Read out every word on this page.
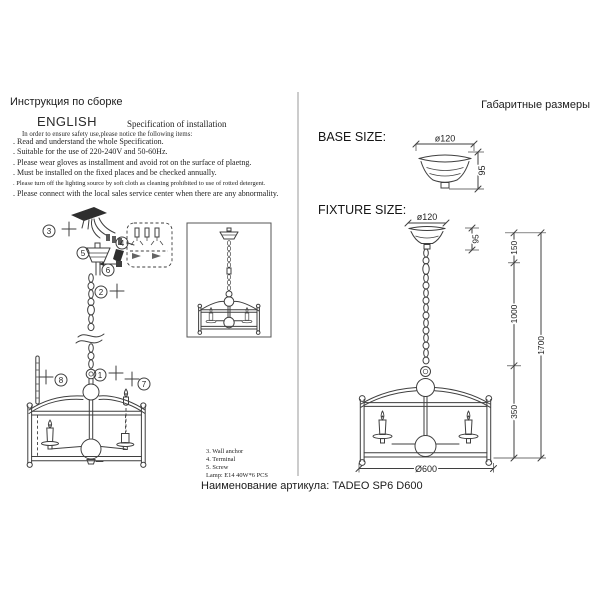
Инструкция по сборке	Габаритные размеры
ENGLISH	Specification of installation
In order to ensure safety use,please notice the following items:
. Read and understand the whole Specification.
. Suitable for the use of 220-240V and 50-60Hz.
. Please wear gloves as installment and avoid rot on the surface of plaetng.
. Must be installed on the fixed places and be checked annually.
. Please turn off the lighting source by soft cloth as cleaning prohibited to use of rotted detergent.
. Please connect with the local sales service center when there are any abnormality.
3. Wall anchor
4. Terminal
5. Screw
Lamp: E14 40W*6 PCS
BASE SIZE:
FIXTURE SIZE:
Наименование артикула: TADEO SP6 D600
3
4
5
6
2
1
8	7
ø120
95
ø120
95
Ø600
150
1000
350
1700
